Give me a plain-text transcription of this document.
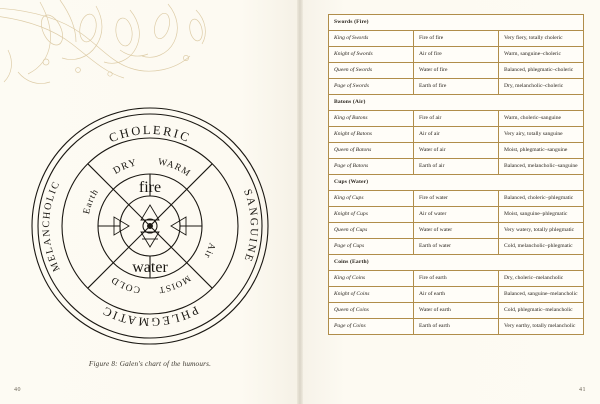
CHOLERIC
SANGUINE
PHLEGMATIC
MELANCHOLIC
DRY WARM
MOIST
COLD
Air
Earth fire
water
Figure 8: Galen's chart of the humours.
40
Swords (Fire)		
King of Swords	Fire of fire	Very fiery, totally choleric
Knight of Swords	Air of fire	Warm, sanguine–choleric
Queen of Swords	Water of fire	Balanced, phlegmatic–choleric
Page of Swords	Earth of fire	Dry, melancholic–choleric
Batons (Air)		
King of Batons	Fire of air	Warm, choleric–sanguine
Knight of Batons	Air of air	Very airy, totally sanguine
Queen of Batons	Water of air	Moist, phlegmatic–sanguine
Page of Batons	Earth of air	Balanced, melancholic–sanguine
Cups (Water)		
King of Cups	Fire of water	Balanced, choleric–phlegmatic
Knight of Cups	Air of water	Moist, sanguine–phlegmatic
Queen of Cups	Water of water	Very watery, totally phlegmatic
Page of Cups	Earth of water	Cold, melancholic–phlegmatic
Coins (Earth)		
King of Coins	Fire of earth	Dry, choleric–melancholic
Knight of Coins	Air of earth	Balanced, sanguine–melancholic
Queen of Coins	Water of earth	Cold, phlegmatic–melancholic
Page of Coins	Earth of earth	Very earthy, totally melancholic
41
